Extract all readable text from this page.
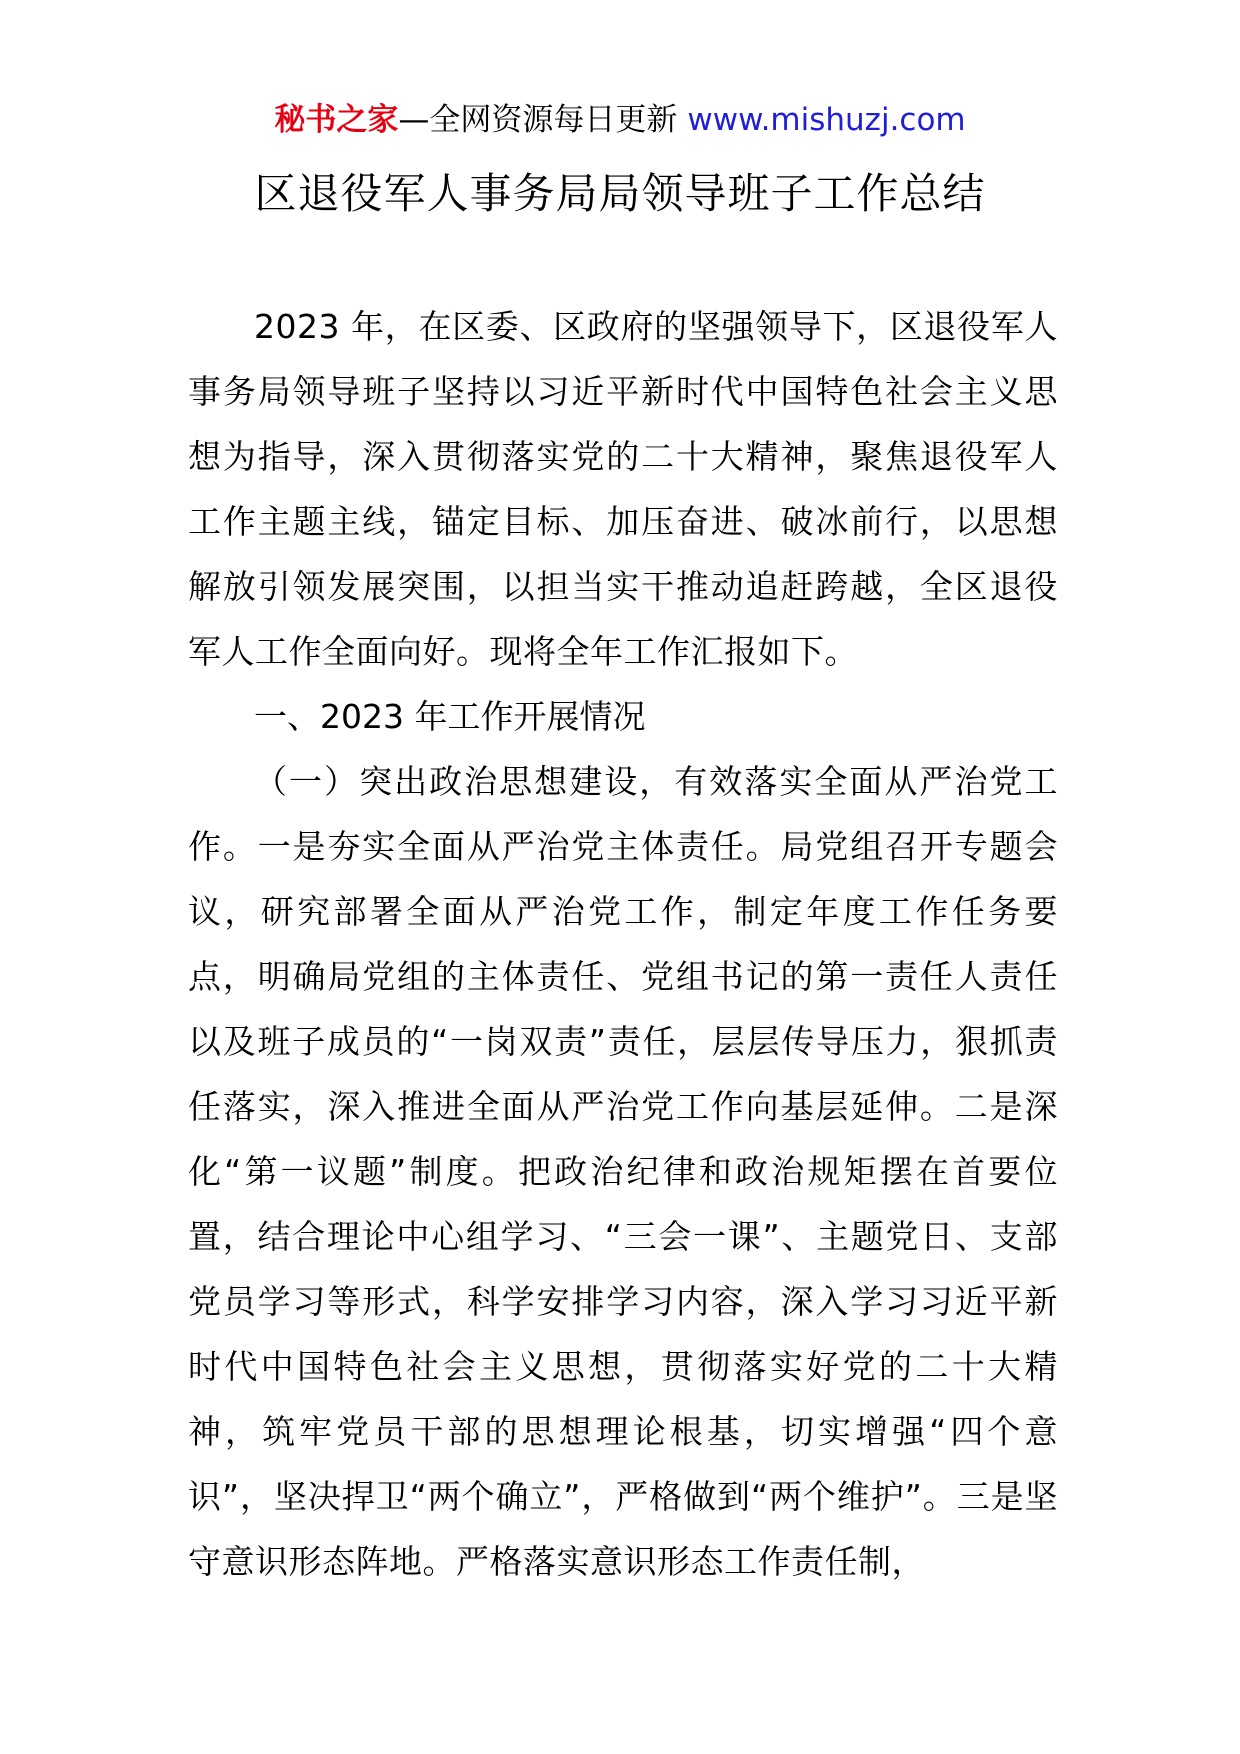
秘书之家—全网资源每日更新 www.mishuzj.com
区退役军人事务局局领导班子工作总结

2023 年，在区委、区政府的坚强领导下，区退役军人事务局领导班子坚持以习近平新时代中国特色社会主义思想为指导，深入贯彻落实党的二十大精神，聚焦退役军人工作主题主线，锚定目标、加压奋进、破冰前行，以思想解放引领发展突围，以担当实干推动追赶跨越，全区退役军人工作全面向好。现将全年工作汇报如下。

一、2023 年工作开展情况

（一）突出政治思想建设，有效落实全面从严治党工作。一是夯实全面从严治党主体责任。局党组召开专题会议，研究部署全面从严治党工作，制定年度工作任务要点，明确局党组的主体责任、党组书记的第一责任人责任以及班子成员的“一岗双责”责任，层层传导压力，狠抓责任落实，深入推进全面从严治党工作向基层延伸。二是深化“第一议题”制度。把政治纪律和政治规矩摆在首要位置，结合理论中心组学习、“三会一课”、主题党日、支部党员学习等形式，科学安排学习内容，深入学习习近平新时代中国特色社会主义思想，贯彻落实好党的二十大精神，筑牢党员干部的思想理论根基，切实增强“四个意识”，坚决捍卫“两个确立”，严格做到“两个维护”。三是坚守意识形态阵地。严格落实意识形态工作责任制，
